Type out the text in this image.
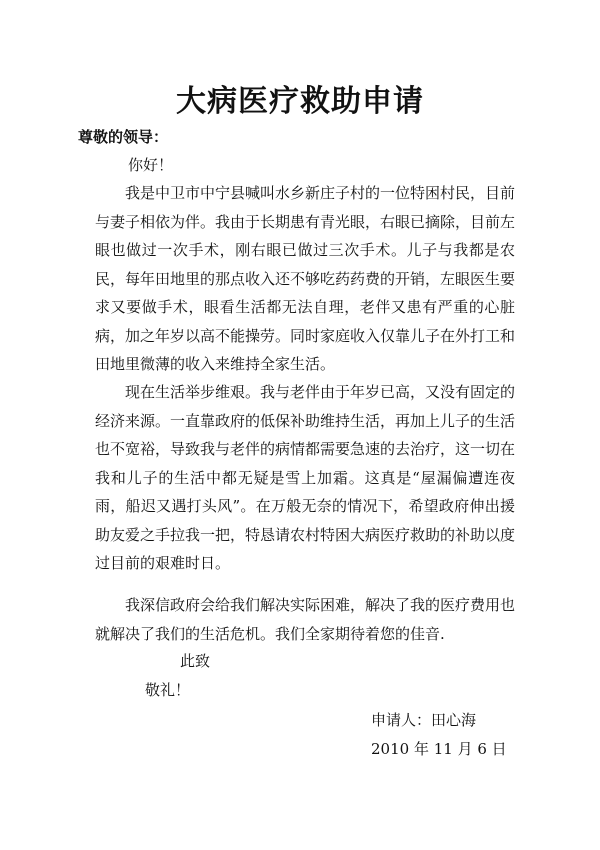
大病医疗救助申请
尊敬的领导：
你好！

我是中卫市中宁县喊叫水乡新庄子村的一位特困村民，目前与妻子相依为伴。我由于长期患有青光眼，右眼已摘除，目前左眼也做过一次手术，刚右眼已做过三次手术。儿子与我都是农民，每年田地里的那点收入还不够吃药药费的开销，左眼医生要求又要做手术，眼看生活都无法自理，老伴又患有严重的心脏病，加之年岁以高不能操劳。同时家庭收入仅靠儿子在外打工和田地里微薄的收入来维持全家生活。

现在生活举步维艰。我与老伴由于年岁已高，又没有固定的经济来源。一直靠政府的低保补助维持生活，再加上儿子的生活也不宽裕，导致我与老伴的病情都需要急速的去治疗，这一切在我和儿子的生活中都无疑是雪上加霜。这真是“屋漏偏遭连夜雨，船迟又遇打头风”。在万般无奈的情况下，希望政府伸出援助友爱之手拉我一把，特恳请农村特困大病医疗救助的补助以度过目前的艰难时日。

我深信政府会给我们解决实际困难，解决了我的医疗费用也就解决了我们的生活危机。我们全家期待着您的佳音.

此致
敬礼！
申请人：田心海
2010 年 11 月 6 日
